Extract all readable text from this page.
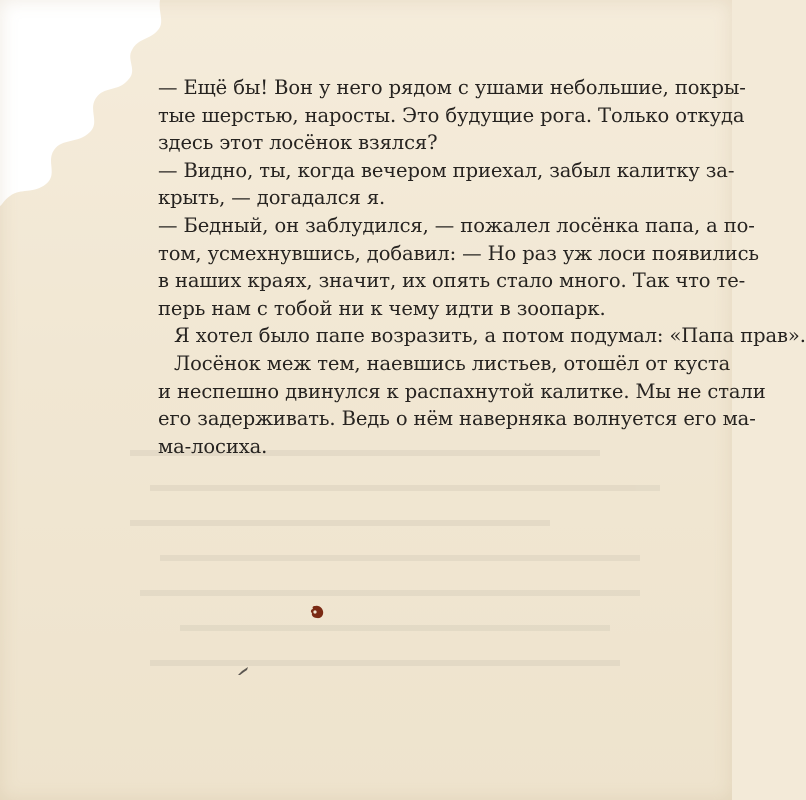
— Ещё бы! Вон у него рядом с ушами небольшие, покры-
тые шерстью, наросты. Это будущие рога. Только откуда
здесь этот лосёнок взялся?
— Видно, ты, когда вечером приехал, забыл калитку за-
крыть, — догадался я.
— Бедный, он заблудился, — пожалел лосёнка папа, а по-
том, усмехнувшись, добавил: — Но раз уж лоси появились
в наших краях, значит, их опять стало много. Так что те-
перь нам с тобой ни к чему идти в зоопарк.
Я хотел было папе возразить, а потом подумал: «Папа прав».
Лосёнок меж тем, наевшись листьев, отошёл от куста
и неспешно двинулся к распахнутой калитке. Мы не стали
его задерживать. Ведь о нём наверняка волнуется его ма-
ма-лосиха.
